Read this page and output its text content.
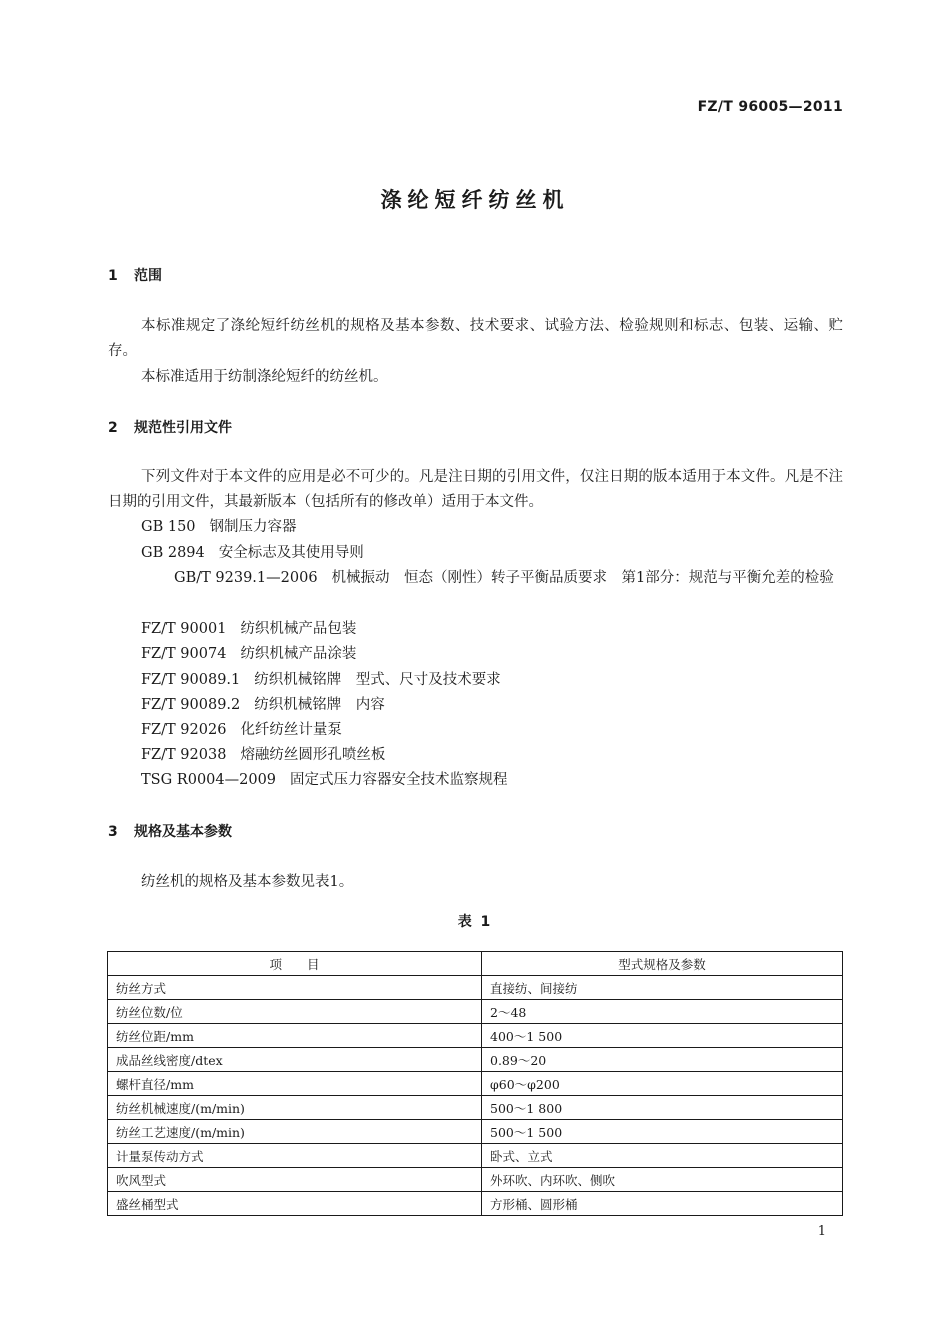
FZ/T 96005—2011
涤纶短纤纺丝机
1 范围
本标准规定了涤纶短纤纺丝机的规格及基本参数、技术要求、试验方法、检验规则和标志、包装、运输、贮存。
本标准适用于纺制涤纶短纤的纺丝机。
2 规范性引用文件
下列文件对于本文件的应用是必不可少的。凡是注日期的引用文件，仅注日期的版本适用于本文件。凡是不注日期的引用文件，其最新版本（包括所有的修改单）适用于本文件。
GB 150 钢制压力容器
GB 2894 安全标志及其使用导则
GB/T 9239.1—2006 机械振动　恒态（刚性）转子平衡品质要求　第1部分：规范与平衡允差的检验
FZ/T 90001 纺织机械产品包装
FZ/T 90074 纺织机械产品涂装
FZ/T 90089.1 纺织机械铭牌　型式、尺寸及技术要求
FZ/T 90089.2 纺织机械铭牌　内容
FZ/T 92026 化纤纺丝计量泵
FZ/T 92038 熔融纺丝圆形孔喷丝板
TSG R0004—2009 固定式压力容器安全技术监察规程
3 规格及基本参数
纺丝机的规格及基本参数见表1。
表 1
项　　目	型式规格及参数
纺丝方式	直接纺、间接纺
纺丝位数/位	2～48
纺丝位距/mm	400～1 500
成品丝线密度/dtex	0.89～20
螺杆直径/mm	φ60～φ200
纺丝机械速度/(m/min)	500～1 800
纺丝工艺速度/(m/min)	500～1 500
计量泵传动方式	卧式、立式
吹风型式	外环吹、内环吹、侧吹
盛丝桶型式	方形桶、圆形桶
1
